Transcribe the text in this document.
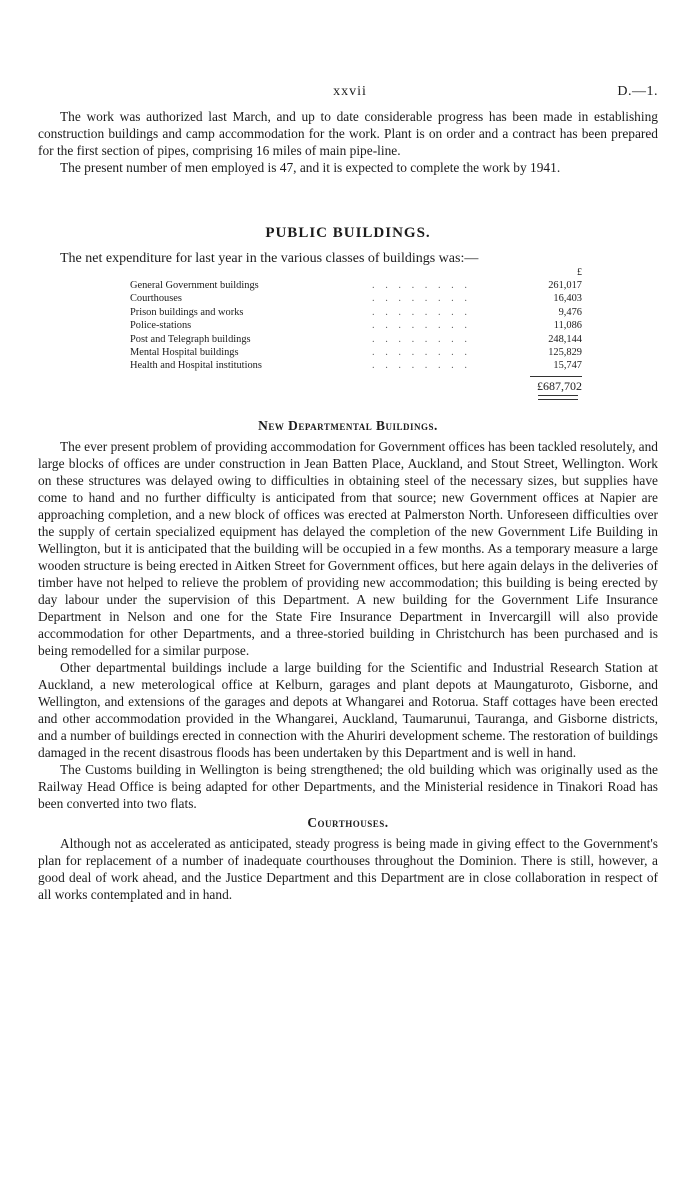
xxvii	D.—1.

The work was authorized last March, and up to date considerable progress has been made in establishing construction buildings and camp accommodation for the work. Plant is on order and a contract has been prepared for the first section of pipes, comprising 16 miles of main pipe-line.

The present number of men employed is 47, and it is expected to complete the work by 1941.

PUBLIC BUILDINGS.

The net expenditure for last year in the various classes of buildings was:—

£
General Government buildings	. . . . . . . .	261,017
Courthouses	. . . . . . . .	16,403
Prison buildings and works	. . . . . . . .	9,476
Police-stations	. . . . . . . .	11,086
Post and Telegraph buildings	. . . . . . . .	248,144
Mental Hospital buildings	. . . . . . . .	125,829
Health and Hospital institutions	. . . . . . . .	15,747
£687,702
New Departmental Buildings.

The ever present problem of providing accommodation for Government offices has been tackled resolutely, and large blocks of offices are under construction in Jean Batten Place, Auckland, and Stout Street, Wellington. Work on these structures was delayed owing to difficulties in obtaining steel of the necessary sizes, but supplies have come to hand and no further difficulty is anticipated from that source; new Government offices at Napier are approaching completion, and a new block of offices was erected at Palmerston North. Unforeseen difficulties over the supply of certain specialized equipment has delayed the completion of the new Government Life Building in Wellington, but it is anticipated that the building will be occupied in a few months. As a temporary measure a large wooden structure is being erected in Aitken Street for Government offices, but here again delays in the deliveries of timber have not helped to relieve the problem of providing new accommodation; this building is being erected by day labour under the supervision of this Department. A new building for the Government Life Insurance Department in Nelson and one for the State Fire Insurance Department in Invercargill will also provide accommodation for other Departments, and a three-storied building in Christchurch has been purchased and is being remodelled for a similar purpose.

Other departmental buildings include a large building for the Scientific and Industrial Research Station at Auckland, a new meterological office at Kelburn, garages and plant depots at Maungaturoto, Gisborne, and Wellington, and extensions of the garages and depots at Whangarei and Rotorua. Staff cottages have been erected and other accommodation provided in the Whangarei, Auckland, Taumarunui, Tauranga, and Gisborne districts, and a number of buildings erected in connection with the Ahuriri development scheme. The restoration of buildings damaged in the recent disastrous floods has been undertaken by this Department and is well in hand.

The Customs building in Wellington is being strengthened; the old building which was originally used as the Railway Head Office is being adapted for other Departments, and the Ministerial residence in Tinakori Road has been converted into two flats.

Courthouses.

Although not as accelerated as anticipated, steady progress is being made in giving effect to the Government's plan for replacement of a number of inadequate courthouses throughout the Dominion. There is still, however, a good deal of work ahead, and the Justice Department and this Department are in close collaboration in respect of all works contemplated and in hand.
